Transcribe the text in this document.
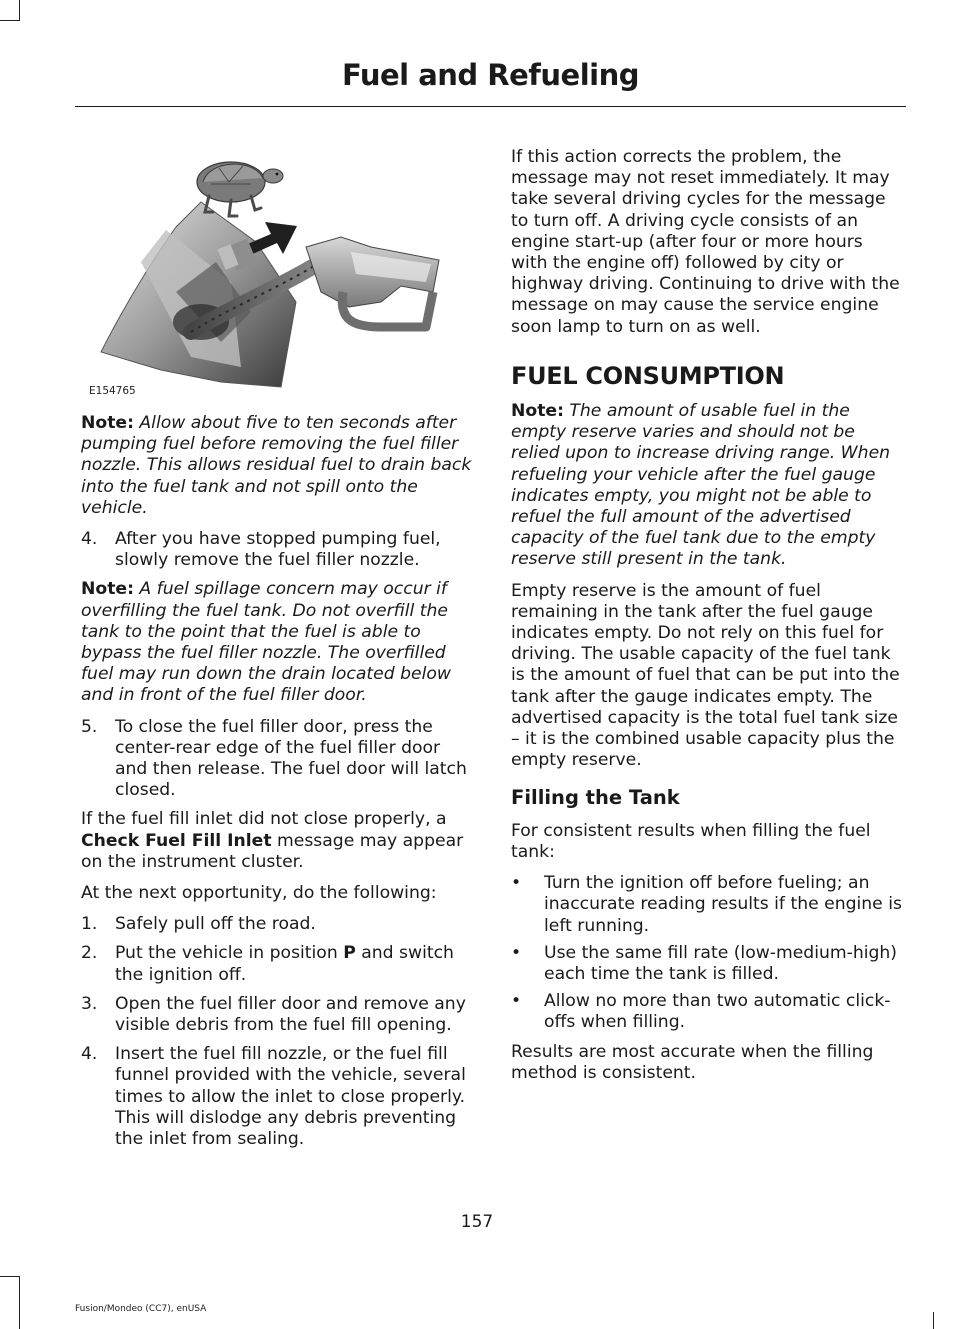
Fuel and Refueling
E154765

Note: Allow about five to ten seconds after pumping fuel before removing the fuel filler nozzle. This allows residual fuel to drain back into the fuel tank and not spill onto the vehicle.

4. After you have stopped pumping fuel, slowly remove the fuel filler nozzle.

Note: A fuel spillage concern may occur if overfilling the fuel tank. Do not overfill the tank to the point that the fuel is able to bypass the fuel filler nozzle. The overfilled fuel may run down the drain located below and in front of the fuel filler door.

5. To close the fuel filler door, press the center-rear edge of the fuel filler door and then release. The fuel door will latch closed.

If the fuel fill inlet did not close properly, a Check Fuel Fill Inlet message may appear on the instrument cluster.

At the next opportunity, do the following:

1. Safely pull off the road.
2. Put the vehicle in position P and switch the ignition off.
3. Open the fuel filler door and remove any visible debris from the fuel fill opening.
4. Insert the fuel fill nozzle, or the fuel fill funnel provided with the vehicle, several times to allow the inlet to close properly. This will dislodge any debris preventing the inlet from sealing.

If this action corrects the problem, the message may not reset immediately. It may take several driving cycles for the message to turn off. A driving cycle consists of an engine start-up (after four or more hours with the engine off) followed by city or highway driving. Continuing to drive with the message on may cause the service engine soon lamp to turn on as well.

FUEL CONSUMPTION

Note: The amount of usable fuel in the empty reserve varies and should not be relied upon to increase driving range. When refueling your vehicle after the fuel gauge indicates empty, you might not be able to refuel the full amount of the advertised capacity of the fuel tank due to the empty reserve still present in the tank.

Empty reserve is the amount of fuel remaining in the tank after the fuel gauge indicates empty. Do not rely on this fuel for driving. The usable capacity of the fuel tank is the amount of fuel that can be put into the tank after the gauge indicates empty. The advertised capacity is the total fuel tank size – it is the combined usable capacity plus the empty reserve.

Filling the Tank

For consistent results when filling the fuel tank:

• Turn the ignition off before fueling; an inaccurate reading results if the engine is left running.
• Use the same fill rate (low-medium-high) each time the tank is filled.
• Allow no more than two automatic click-offs when filling.

Results are most accurate when the filling method is consistent.

157
Fusion/Mondeo (CC7), enUSA
